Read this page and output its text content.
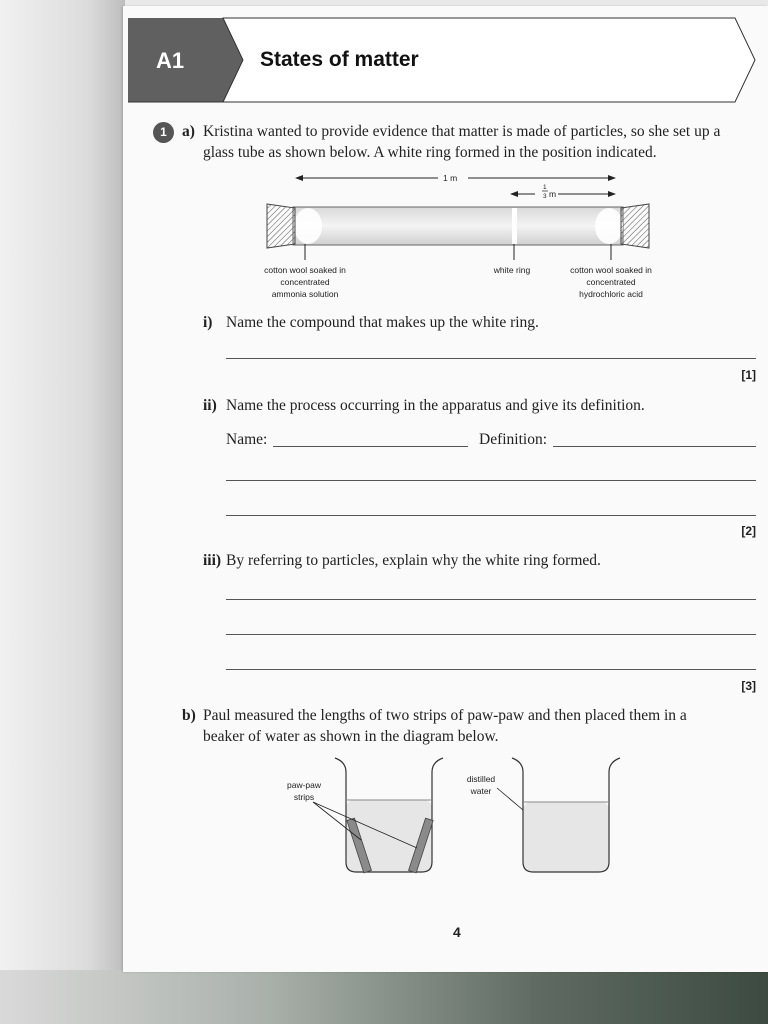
A1	States of matter
1 a) Kristina wanted to provide evidence that matter is made of particles, so she set up a
glass tube as shown below. A white ring formed in the position indicated.
1 m
1
3 m
cotton wool soaked in
concentrated
ammonia solution
white ring	cotton wool soaked in
concentrated
hydrochloric acid
i) Name the compound that makes up the white ring.
[1]
ii) Name the process occurring in the apparatus and give its definition.
Name:	Definition:
[2]
iii) By referring to particles, explain why the white ring formed.
[3]
b) Paul measured the lengths of two strips of paw-paw and then placed them in a
beaker of water as shown in the diagram below.
paw-paw
strips
distilled
water
4
